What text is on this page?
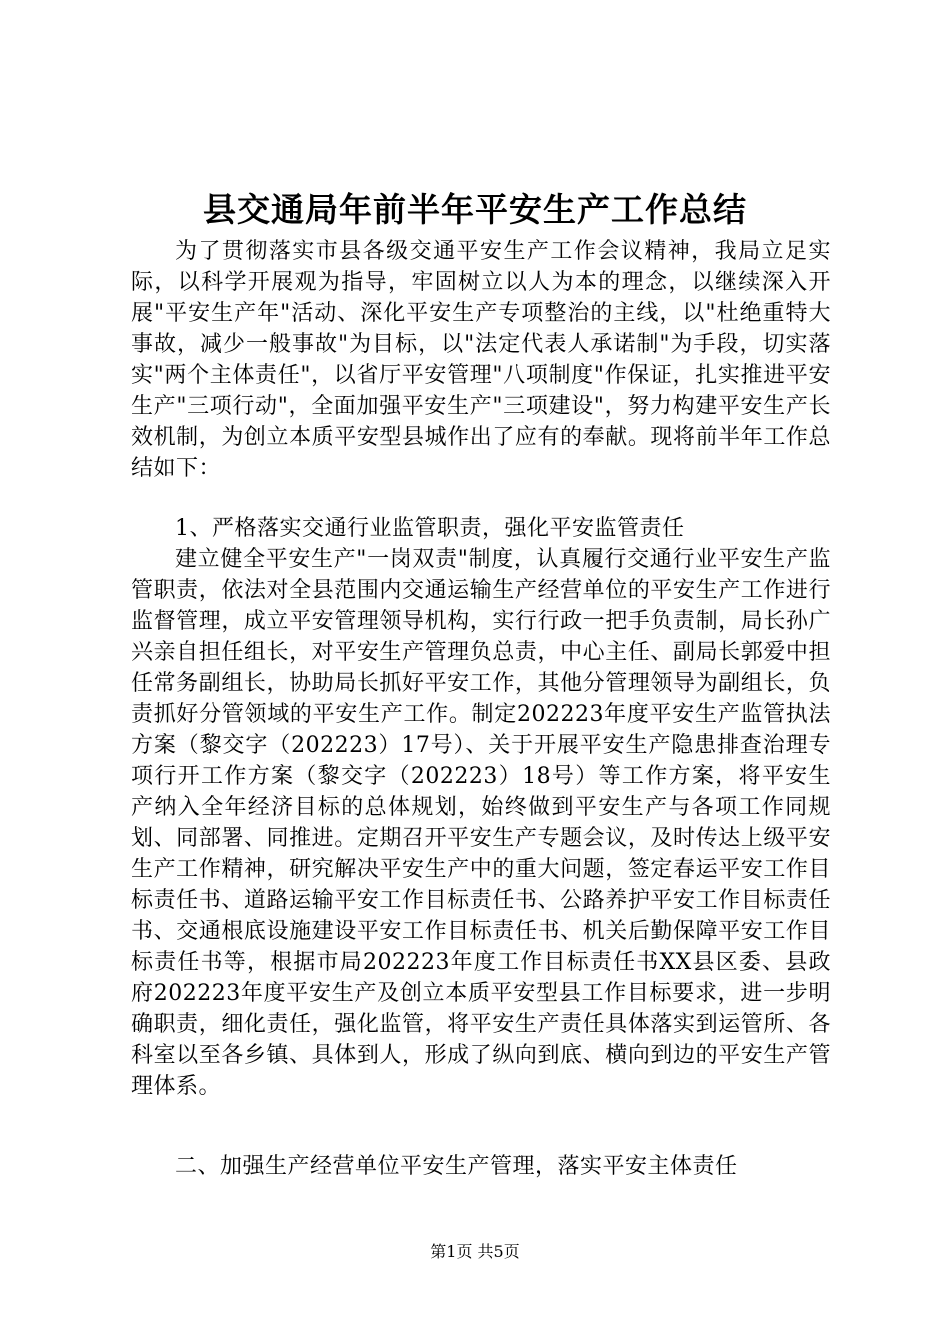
县交通局年前半年平安生产工作总结

为了贯彻落实市县各级交通平安生产工作会议精神，我局立足实际，以科学开展观为指导，牢固树立以人为本的理念，以继续深入开展"平安生产年"活动、深化平安生产专项整治的主线，以"杜绝重特大事故，减少一般事故"为目标，以"法定代表人承诺制"为手段，切实落实"两个主体责任"，以省厅平安管理"八项制度"作保证，扎实推进平安生产"三项行动"，全面加强平安生产"三项建设"，努力构建平安生产长效机制，为创立本质平安型县城作出了应有的奉献。现将前半年工作总结如下：

1、严格落实交通行业监管职责，强化平安监管责任

建立健全平安生产"一岗双责"制度，认真履行交通行业平安生产监管职责，依法对全县范围内交通运输生产经营单位的平安生产工作进行监督管理，成立平安管理领导机构，实行行政一把手负责制，局长孙广兴亲自担任组长，对平安生产管理负总责，中心主任、副局长郭爱中担任常务副组长，协助局长抓好平安工作，其他分管理领导为副组长，负责抓好分管领域的平安生产工作。制定202223年度平安生产监管执法方案（黎交字（202223）17号）、关于开展平安生产隐患排查治理专项行开工作方案（黎交字（202223）18号）等工作方案，将平安生产纳入全年经济目标的总体规划，始终做到平安生产与各项工作同规划、同部署、同推进。定期召开平安生产专题会议，及时传达上级平安生产工作精神，研究解决平安生产中的重大问题，签定春运平安工作目标责任书、道路运输平安工作目标责任书、公路养护平安工作目标责任书、交通根底设施建设平安工作目标责任书、机关后勤保障平安工作目标责任书等，根据市局202223年度工作目标责任书XX县区委、县政府202223年度平安生产及创立本质平安型县工作目标要求，进一步明确职责，细化责任，强化监管，将平安生产责任具体落实到运管所、各科室以至各乡镇、具体到人，形成了纵向到底、横向到边的平安生产管理体系。

二、加强生产经营单位平安生产管理，落实平安主体责任

第1页 共5页
